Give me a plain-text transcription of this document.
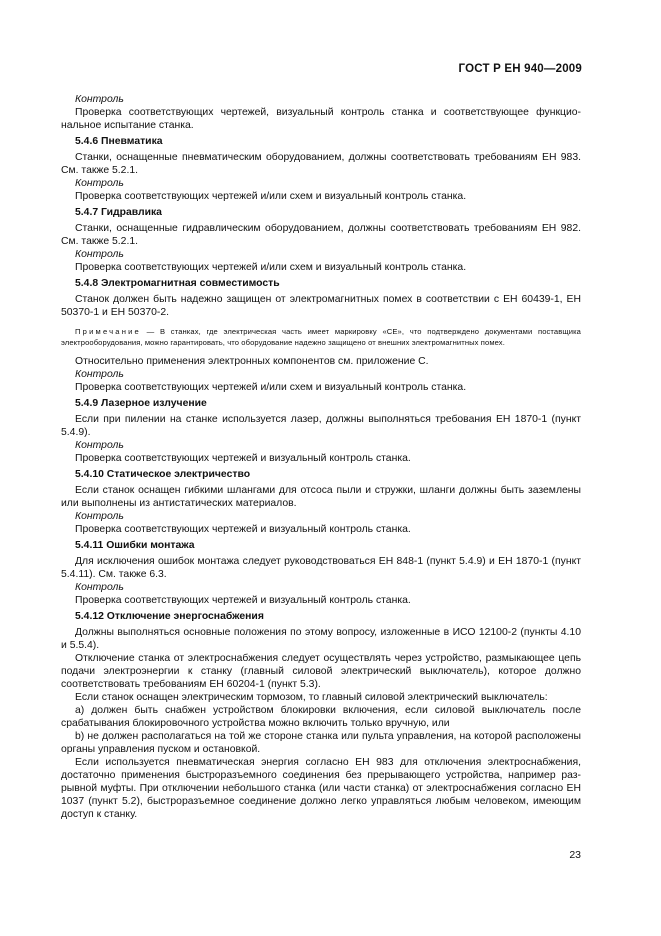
ГОСТ Р ЕН 940—2009

Контроль

Проверка соответствующих чертежей, визуальный контроль станка и соответствующее функциональное испытание станка.

5.4.6 Пневматика

Станки, оснащенные пневматическим оборудованием, должны соответствовать требованиям ЕН 983. См. также 5.2.1.

Контроль

Проверка соответствующих чертежей и/или схем и визуальный контроль станка.

5.4.7 Гидравлика

Станки, оснащенные гидравлическим оборудованием, должны соответствовать требованиям ЕН 982. См. также 5.2.1.

Контроль

Проверка соответствующих чертежей и/или схем и визуальный контроль станка.

5.4.8 Электромагнитная совместимость

Станок должен быть надежно защищен от электромагнитных помех в соответствии с ЕН 60439-1, ЕН 50370-1 и ЕН 50370-2.

Примечание — В станках, где электрическая часть имеет маркировку «СЕ», что подтверждено документами поставщика электрооборудования, можно гарантировать, что оборудование надежно защищено от внешних электромагнитных помех.

Относительно применения электронных компонентов см. приложение С.

Контроль

Проверка соответствующих чертежей и/или схем и визуальный контроль станка.

5.4.9 Лазерное излучение

Если при пилении на станке используется лазер, должны выполняться требования ЕН 1870-1 (пункт 5.4.9).

Контроль

Проверка соответствующих чертежей и визуальный контроль станка.

5.4.10 Статическое электричество

Если станок оснащен гибкими шлангами для отсоса пыли и стружки, шланги должны быть заземлены или выполнены из антистатических материалов.

Контроль

Проверка соответствующих чертежей и визуальный контроль станка.

5.4.11 Ошибки монтажа

Для исключения ошибок монтажа следует руководствоваться ЕН 848-1 (пункт 5.4.9) и ЕН 1870-1 (пункт 5.4.11). См. также 6.3.

Контроль

Проверка соответствующих чертежей и визуальный контроль станка.

5.4.12 Отключение энергоснабжения

Должны выполняться основные положения по этому вопросу, изложенные в ИСО 12100-2 (пункты 4.10 и 5.5.4).

Отключение станка от электроснабжения следует осуществлять через устройство, размыкающее цепь подачи электроэнергии к станку (главный силовой электрический выключатель), которое должно соответствовать требованиям ЕН 60204-1 (пункт 5.3).

Если станок оснащен электрическим тормозом, то главный силовой электрический выключатель:

a) должен быть снабжен устройством блокировки включения, если силовой выключатель после срабатывания блокировочного устройства можно включить только вручную, или

b) не должен располагаться на той же стороне станка или пульта управления, на которой расположены органы управления пуском и остановкой.

Если используется пневматическая энергия согласно ЕН 983 для отключения электроснабжения, достаточно применения быстроразъемного соединения без прерывающего устройства, например разрывной муфты. При отключении небольшого станка (или части станка) от электроснабжения согласно ЕН 1037 (пункт 5.2), быстроразъемное соединение должно легко управляться любым человеком, имеющим доступ к станку.

23
